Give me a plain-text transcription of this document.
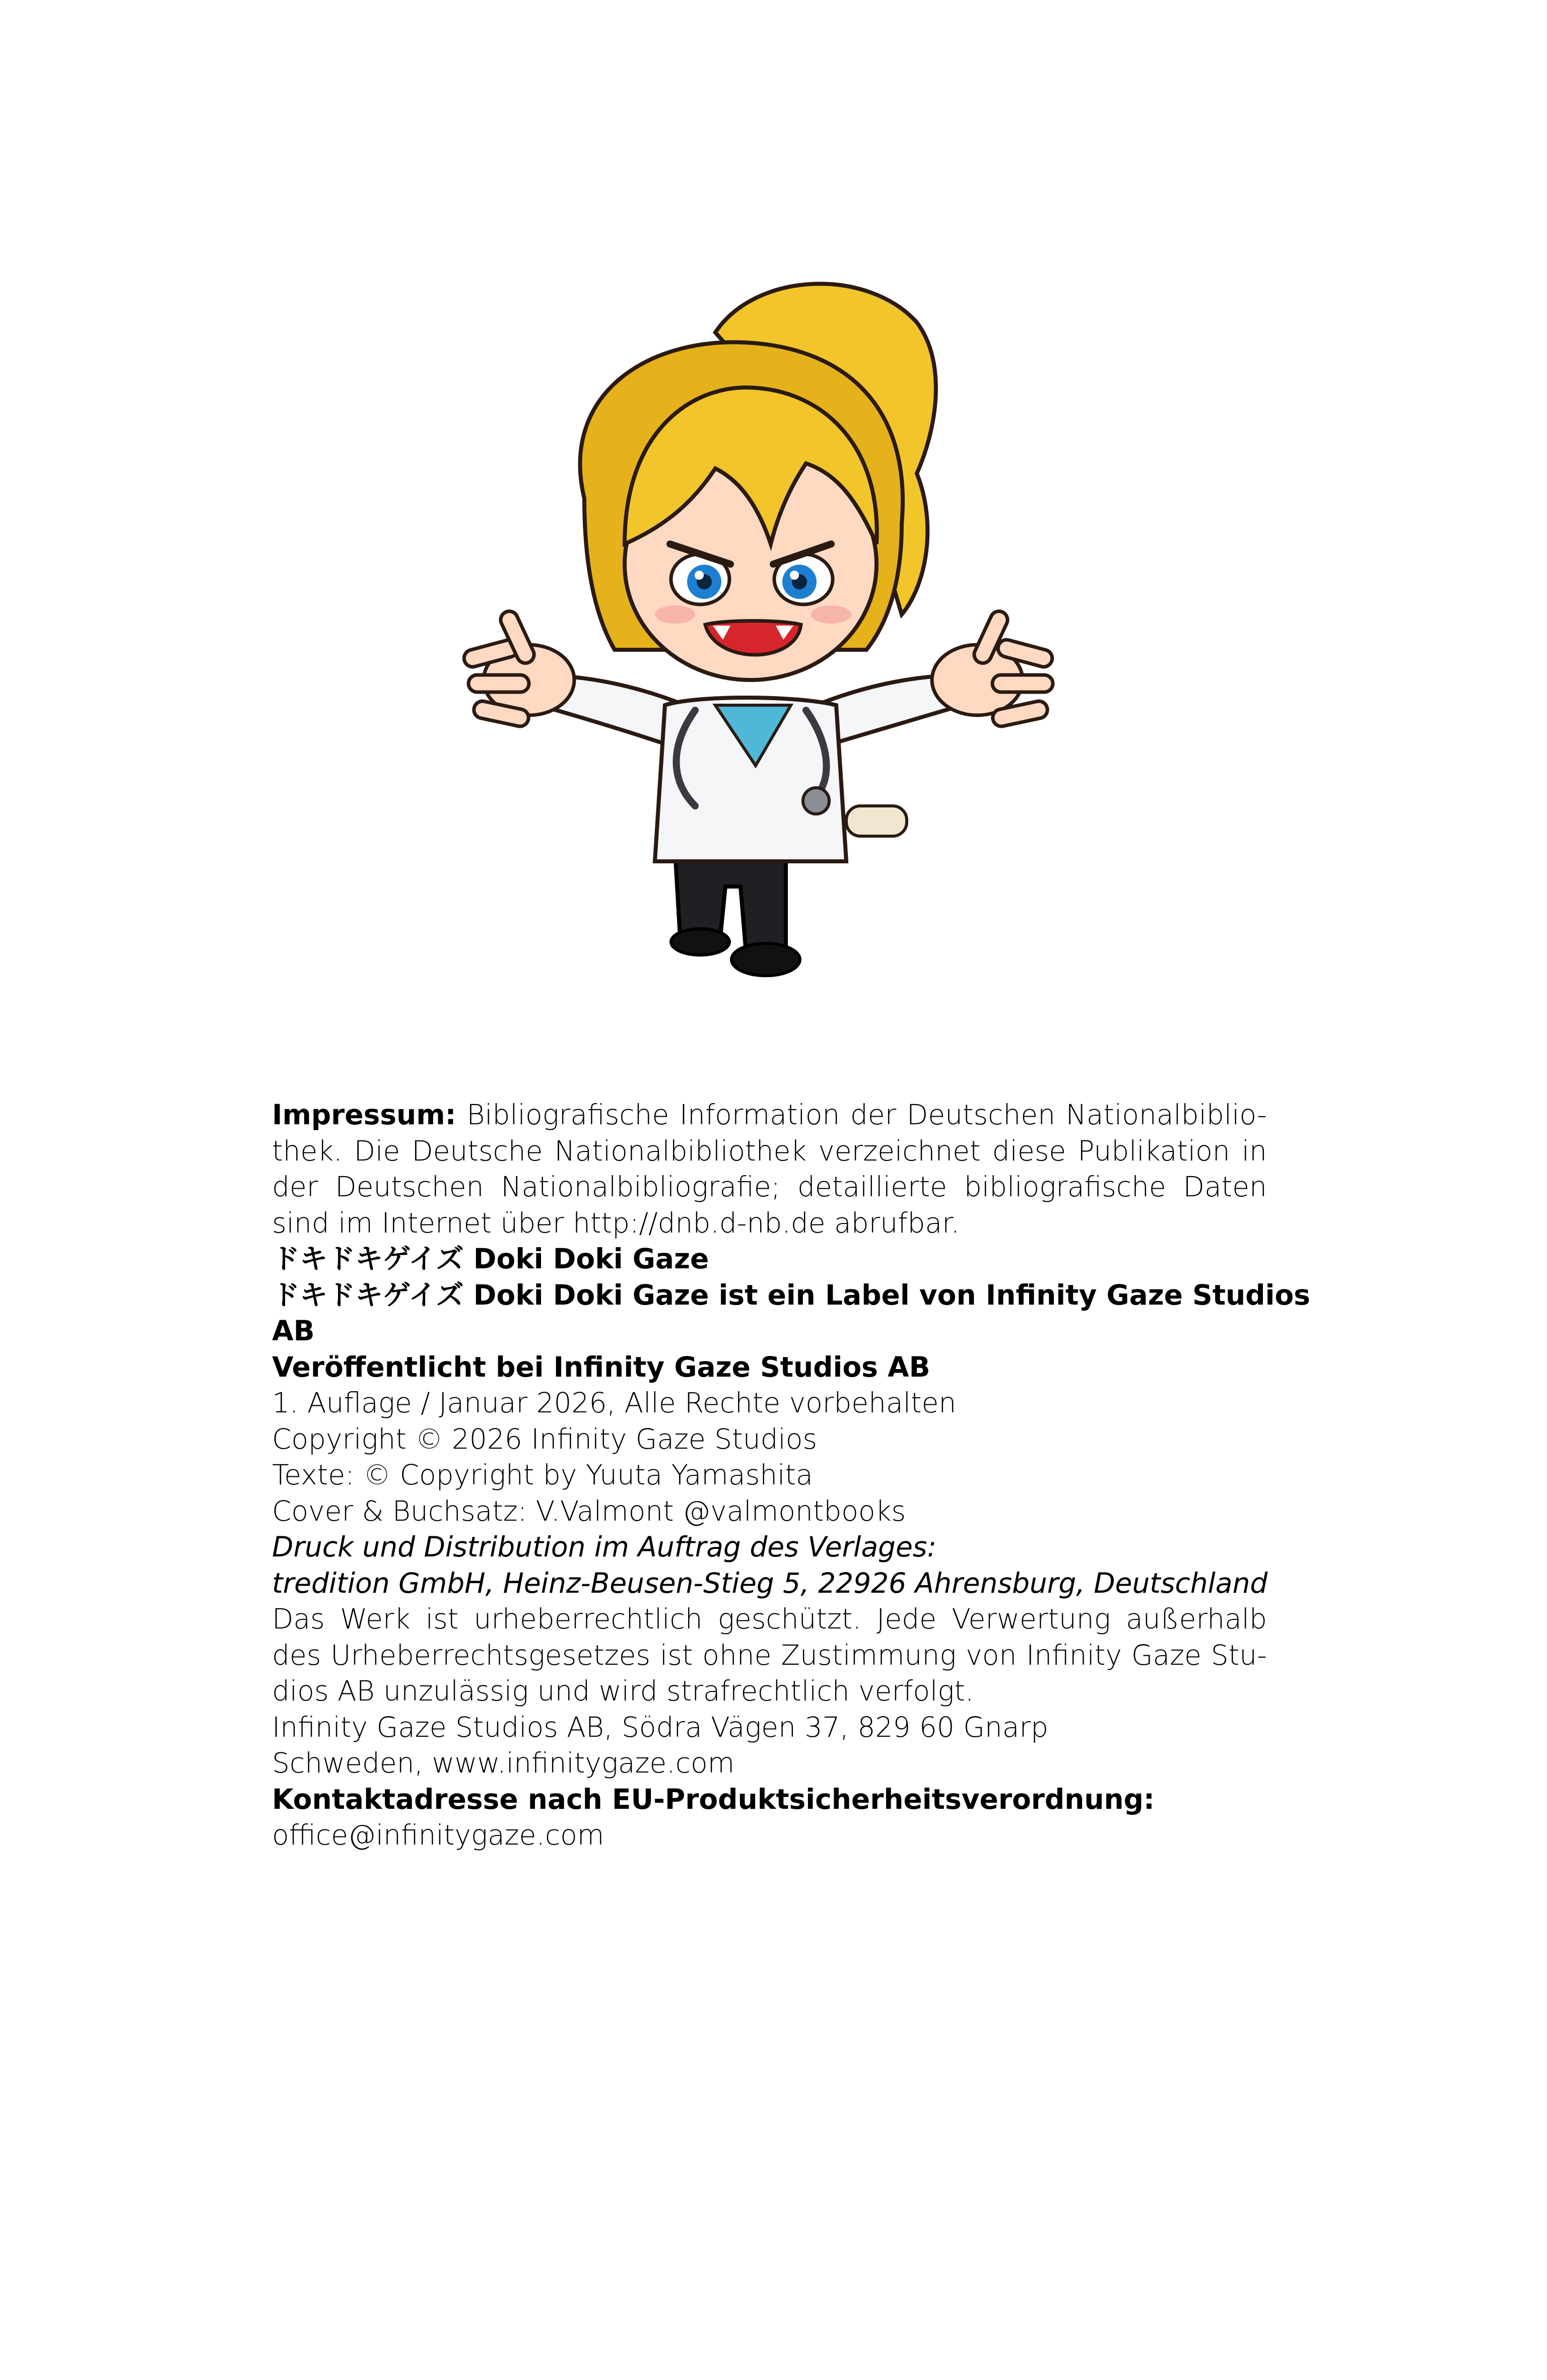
Impressum: Bibliografische Information der Deutschen Nationalbiblio-
thek. Die Deutsche Nationalbibliothek verzeichnet diese Publikation in
der Deutschen Nationalbibliografie; detaillierte bibliografische Daten
sind im Internet über http://dnb.d-nb.de abrufbar.
ドキドキゲイズ Doki Doki Gaze
ドキドキゲイズ Doki Doki Gaze ist ein Label von Infinity Gaze Studios
AB
Veröffentlicht bei Infinity Gaze Studios AB
1. Auflage / Januar 2026, Alle Rechte vorbehalten
Copyright © 2026 Infinity Gaze Studios
Texte: © Copyright by Yuuta Yamashita
Cover & Buchsatz: V.Valmont @valmontbooks
Druck und Distribution im Auftrag des Verlages:
tredition GmbH, Heinz-Beusen-Stieg 5, 22926 Ahrensburg, Deutschland
Das Werk ist urheberrechtlich geschützt. Jede Verwertung außerhalb
des Urheberrechtsgesetzes ist ohne Zustimmung von Infinity Gaze Stu-
dios AB unzulässig und wird strafrechtlich verfolgt.
Infinity Gaze Studios AB, Södra Vägen 37, 829 60 Gnarp
Schweden, www.infinitygaze.com
Kontaktadresse nach EU-Produktsicherheitsverordnung:
office@infinitygaze.com
